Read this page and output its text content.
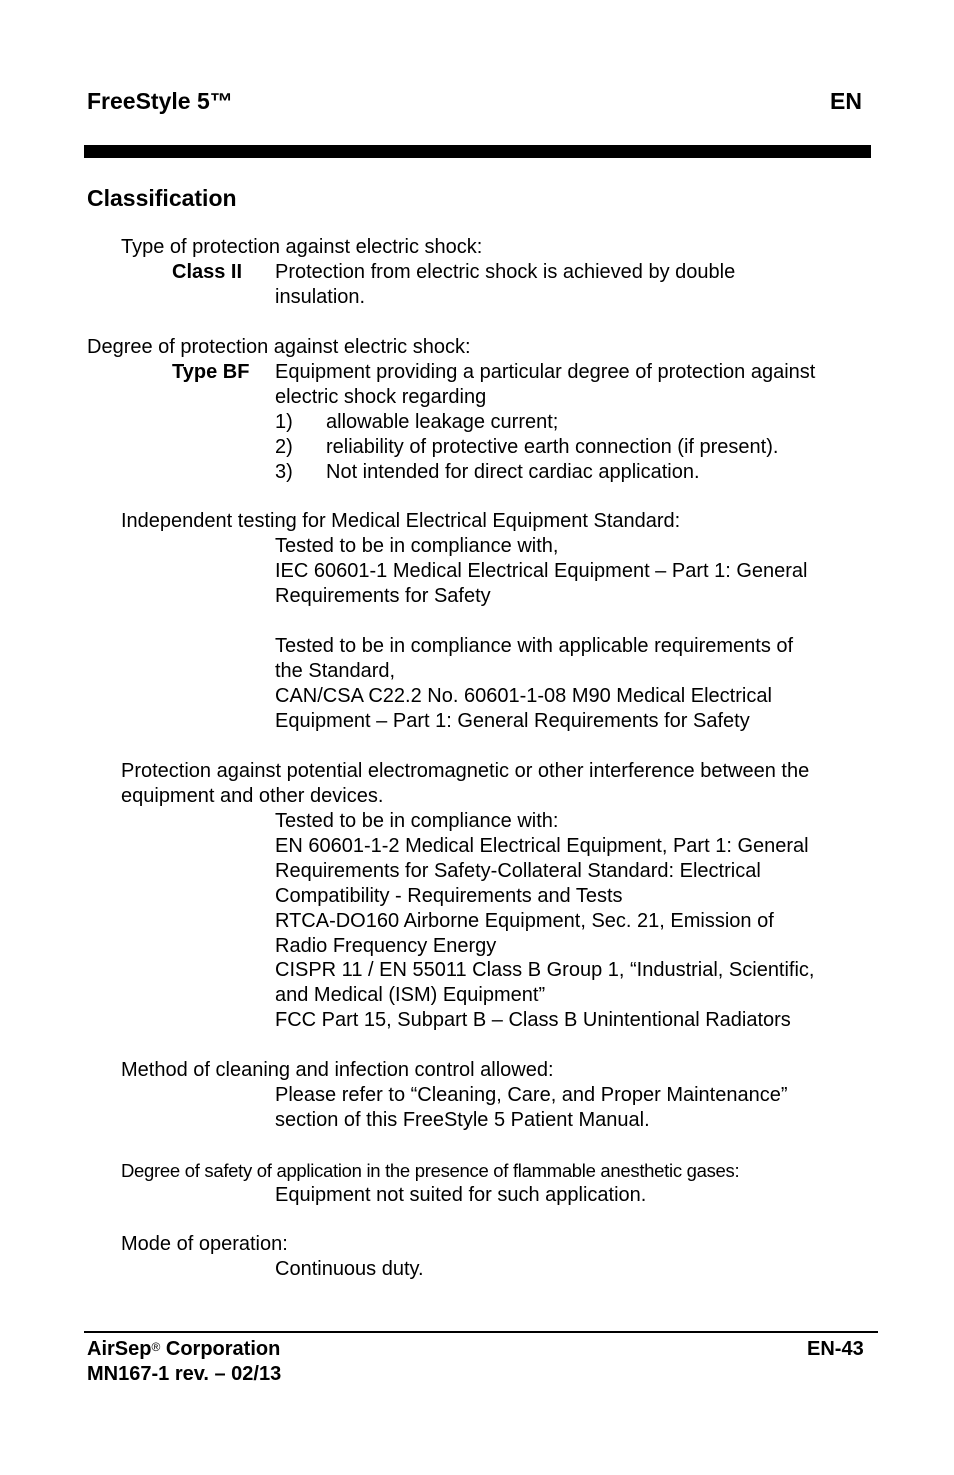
FreeStyle 5™	EN
Classification
Type of protection against electric shock:
Class II Protection from electric shock is achieved by double
insulation.
Degree of protection against electric shock:
Type BF Equipment providing a particular degree of protection against
electric shock regarding
1) allowable leakage current;
2) reliability of protective earth connection (if present).
3) Not intended for direct cardiac application.
Independent testing for Medical Electrical Equipment Standard:
Tested to be in compliance with,
IEC 60601-1 Medical Electrical Equipment – Part 1: General
Requirements for Safety
Tested to be in compliance with applicable requirements of
the Standard,
CAN/CSA C22.2 No. 60601-1-08 M90 Medical Electrical
Equipment – Part 1: General Requirements for Safety
Protection against potential electromagnetic or other interference between the
equipment and other devices.
Tested to be in compliance with:
EN 60601-1-2 Medical Electrical Equipment, Part 1: General
Requirements for Safety-Collateral Standard: Electrical
Compatibility - Requirements and Tests
RTCA-DO160 Airborne Equipment, Sec. 21, Emission of
Radio Frequency Energy
CISPR 11 / EN 55011 Class B Group 1, “Industrial, Scientific,
and Medical (ISM) Equipment”
FCC Part 15, Subpart B – Class B Unintentional Radiators
Method of cleaning and infection control allowed:
Please refer to “Cleaning, Care, and Proper Maintenance”
section of this FreeStyle 5 Patient Manual.
Degree of safety of application in the presence of flammable anesthetic gases:
Equipment not suited for such application.
Mode of operation:
Continuous duty.
AirSep® Corporation
MN167-1 rev. – 02/13
EN-43
